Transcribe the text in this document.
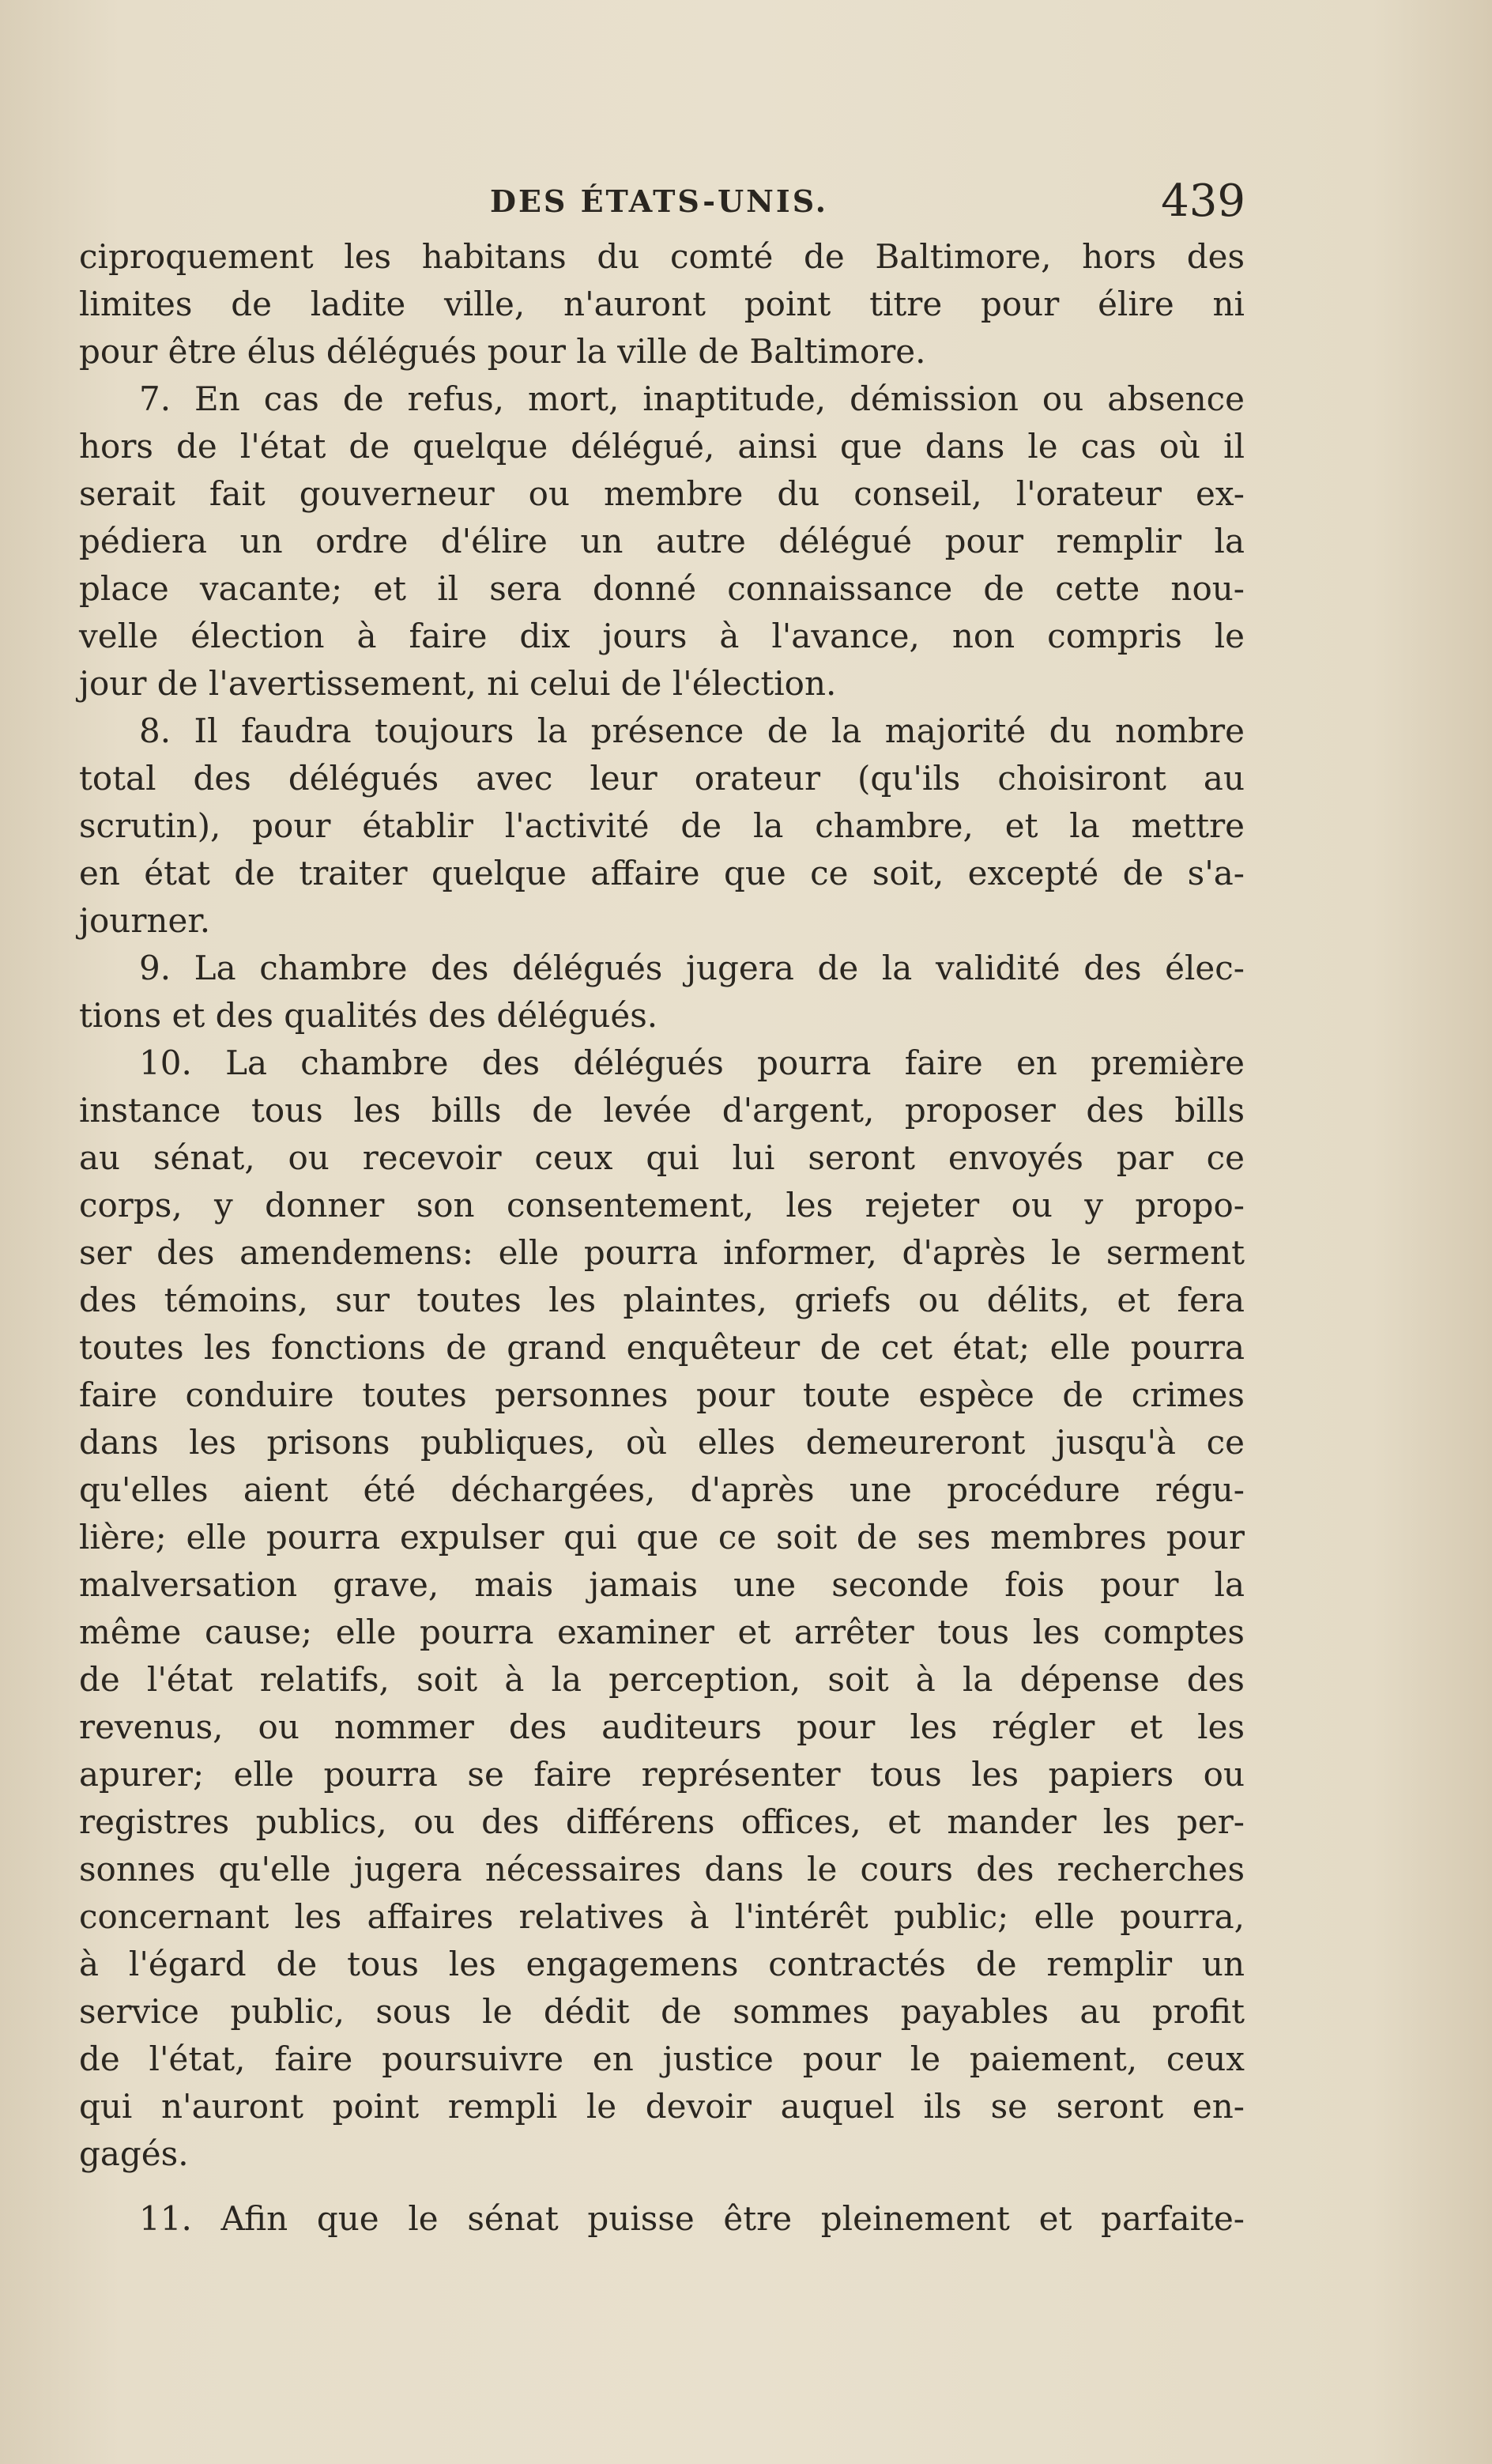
DES ÉTATS-UNIS.	439
ciproquement les habitans du comté de Baltimore, hors des
limites de ladite ville, n'auront point titre pour élire ni
pour être élus délégués pour la ville de Baltimore.
7. En cas de refus, mort, inaptitude, démission ou absence
hors de l'état de quelque délégué, ainsi que dans le cas où il
serait fait gouverneur ou membre du conseil, l'orateur ex-
pédiera un ordre d'élire un autre délégué pour remplir la
place vacante; et il sera donné connaissance de cette nou-
velle élection à faire dix jours à l'avance, non compris le
jour de l'avertissement, ni celui de l'élection.
8. Il faudra toujours la présence de la majorité du nombre
total des délégués avec leur orateur (qu'ils choisiront au
scrutin), pour établir l'activité de la chambre, et la mettre
en état de traiter quelque affaire que ce soit, excepté de s'a-
journer.
9. La chambre des délégués jugera de la validité des élec-
tions et des qualités des délégués.
10. La chambre des délégués pourra faire en première
instance tous les bills de levée d'argent, proposer des bills
au sénat, ou recevoir ceux qui lui seront envoyés par ce
corps, y donner son consentement, les rejeter ou y propo-
ser des amendemens: elle pourra informer, d'après le serment
des témoins, sur toutes les plaintes, griefs ou délits, et fera
toutes les fonctions de grand enquêteur de cet état; elle pourra
faire conduire toutes personnes pour toute espèce de crimes
dans les prisons publiques, où elles demeureront jusqu'à ce
qu'elles aient été déchargées, d'après une procédure régu-
lière; elle pourra expulser qui que ce soit de ses membres pour
malversation grave, mais jamais une seconde fois pour la
même cause; elle pourra examiner et arrêter tous les comptes
de l'état relatifs, soit à la perception, soit à la dépense des
revenus, ou nommer des auditeurs pour les régler et les
apurer; elle pourra se faire représenter tous les papiers ou
registres publics, ou des différens offices, et mander les per-
sonnes qu'elle jugera nécessaires dans le cours des recherches
concernant les affaires relatives à l'intérêt public; elle pourra,
à l'égard de tous les engagemens contractés de remplir un
service public, sous le dédit de sommes payables au profit
de l'état, faire poursuivre en justice pour le paiement, ceux
qui n'auront point rempli le devoir auquel ils se seront en-
gagés.
11. Afin que le sénat puisse être pleinement et parfaite-
